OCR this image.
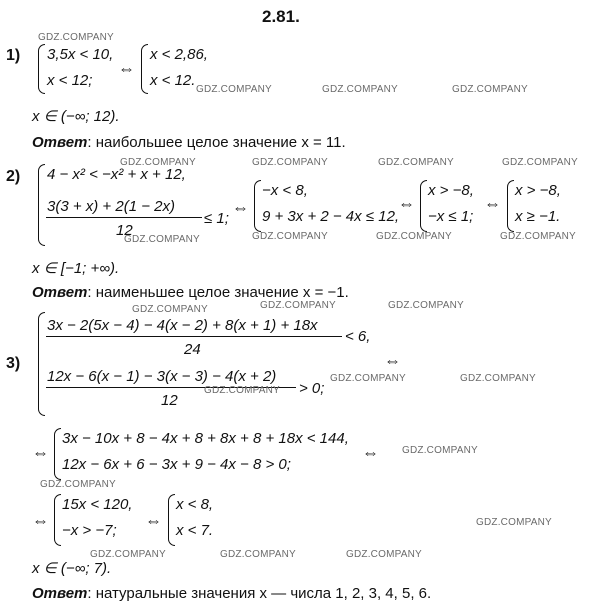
2.81.
1) 3,5x < 10,
x < 12;
⇔
x < 2,86,
x < 12.
x ∈ (−∞; 12).
Ответ: наибольшее целое значение x = 11.
2) 4 − x² < −x² + x + 12,
3(3 + x) + 2(1 − 2x)
12
≤ 1;
⇔
−x < 8,
9 + 3x + 2 − 4x ≤ 12,
⇔
x > −8,
−x ≤ 1;
⇔
x > −8,
x ≥ −1.
x ∈ [−1; +∞).
Ответ: наименьшее целое значение x = −1.
3)
3x − 2(5x − 4) − 4(x − 2) + 8(x + 1) + 18x
24
< 6,
12x − 6(x − 1) − 3(x − 3) − 4(x + 2)
12
> 0;
⇔
⇔
3x − 10x + 8 − 4x + 8 + 8x + 8 + 18x < 144,
12x − 6x + 6 − 3x + 9 − 4x − 8 > 0;
⇔
⇔
15x < 120,
−x > −7;
⇔
x < 8,
x < 7.
x ∈ (−∞; 7).
Ответ: натуральные значения x — числа 1, 2, 3, 4, 5, 6.
GDZ.COMPANY
GDZ.COMPANY	GDZ.COMPANY	GDZ.COMPANY
GDZ.COMPANY	GDZ.COMPANY	GDZ.COMPANY	GDZ.COMPANY
GDZ.COMPANY	GDZ.COMPANY	GDZ.COMPANY	GDZ.COMPANY
GDZ.COMPANY	GDZ.COMPANY	GDZ.COMPANY
GDZ.COMPANY
GDZ.COMPANY	GDZ.COMPANY
GDZ.COMPANY
GDZ.COMPANY
GDZ.COMPANY
GDZ.COMPANY	GDZ.COMPANY	GDZ.COMPANY
